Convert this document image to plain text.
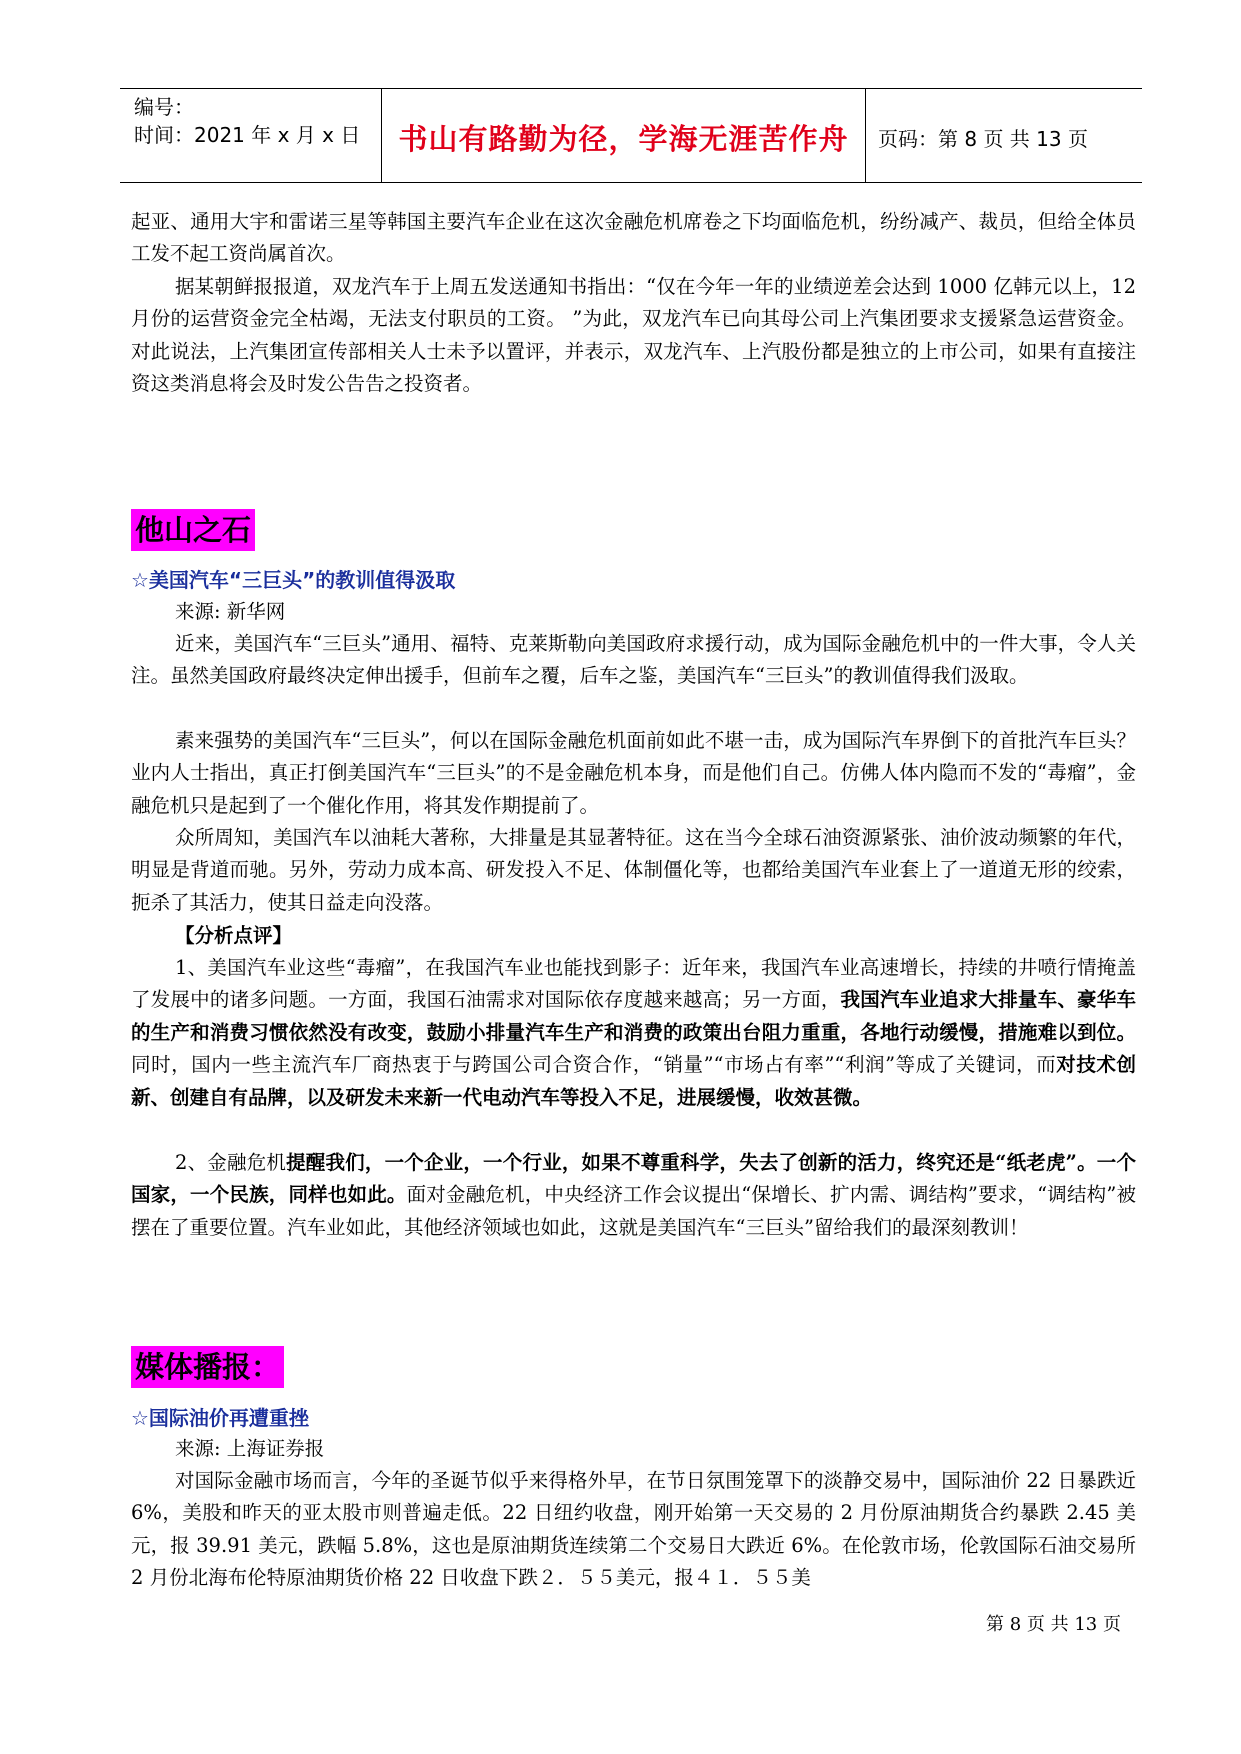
编号：
时间：2021 年 x 月 x 日	书山有路勤为径，学海无涯苦作舟	页码：第 8 页 共 13 页

起亚、通用大宇和雷诺三星等韩国主要汽车企业在这次金融危机席卷之下均面临危机，纷纷减产、裁员，但给全体员工发不起工资尚属首次。

据某朝鲜报报道，双龙汽车于上周五发送通知书指出：“仅在今年一年的业绩逆差会达到 1000 亿韩元以上，12 月份的运营资金完全枯竭，无法支付职员的工资。 ”为此，双龙汽车已向其母公司上汽集团要求支援紧急运营资金。对此说法，上汽集团宣传部相关人士未予以置评，并表示，双龙汽车、上汽股份都是独立的上市公司，如果有直接注资这类消息将会及时发公告告之投资者。

他山之石
☆美国汽车“三巨头”的教训值得汲取
来源: 新华网

近来，美国汽车“三巨头”通用、福特、克莱斯勒向美国政府求援行动，成为国际金融危机中的一件大事，令人关注。虽然美国政府最终决定伸出援手，但前车之覆，后车之鉴，美国汽车“三巨头”的教训值得我们汲取。

素来强势的美国汽车“三巨头”，何以在国际金融危机面前如此不堪一击，成为国际汽车界倒下的首批汽车巨头？业内人士指出，真正打倒美国汽车“三巨头”的不是金融危机本身，而是他们自己。仿佛人体内隐而不发的“毒瘤”，金融危机只是起到了一个催化作用，将其发作期提前了。

众所周知，美国汽车以油耗大著称，大排量是其显著特征。这在当今全球石油资源紧张、油价波动频繁的年代，明显是背道而驰。另外，劳动力成本高、研发投入不足、体制僵化等，也都给美国汽车业套上了一道道无形的绞索，扼杀了其活力，使其日益走向没落。

【分析点评】

1、美国汽车业这些“毒瘤”，在我国汽车业也能找到影子：近年来，我国汽车业高速增长，持续的井喷行情掩盖了发展中的诸多问题。一方面，我国石油需求对国际依存度越来越高；另一方面，我国汽车业追求大排量车、豪华车的生产和消费习惯依然没有改变，鼓励小排量汽车生产和消费的政策出台阻力重重，各地行动缓慢，措施难以到位。同时，国内一些主流汽车厂商热衷于与跨国公司合资合作，“销量”“市场占有率”“利润”等成了关键词，而对技术创新、创建自有品牌，以及研发未来新一代电动汽车等投入不足，进展缓慢，收效甚微。

2、金融危机提醒我们，一个企业，一个行业，如果不尊重科学，失去了创新的活力，终究还是“纸老虎”。一个国家，一个民族，同样也如此。面对金融危机，中央经济工作会议提出“保增长、扩内需、调结构”要求，“调结构”被摆在了重要位置。汽车业如此，其他经济领域也如此，这就是美国汽车“三巨头”留给我们的最深刻教训！

媒体播报：
☆国际油价再遭重挫
来源: 上海证券报

对国际金融市场而言，今年的圣诞节似乎来得格外早，在节日氛围笼罩下的淡静交易中，国际油价 22 日暴跌近 6%，美股和昨天的亚太股市则普遍走低。22 日纽约收盘，刚开始第一天交易的 2 月份原油期货合约暴跌 2.45 美元，报 39.91 美元，跌幅 5.8%，这也是原油期货连续第二个交易日大跌近 6%。在伦敦市场，伦敦国际石油交易所 2 月份北海布伦特原油期货价格 22 日收盘下跌２．５５美元，报４１．５５美

第 8 页 共 13 页
